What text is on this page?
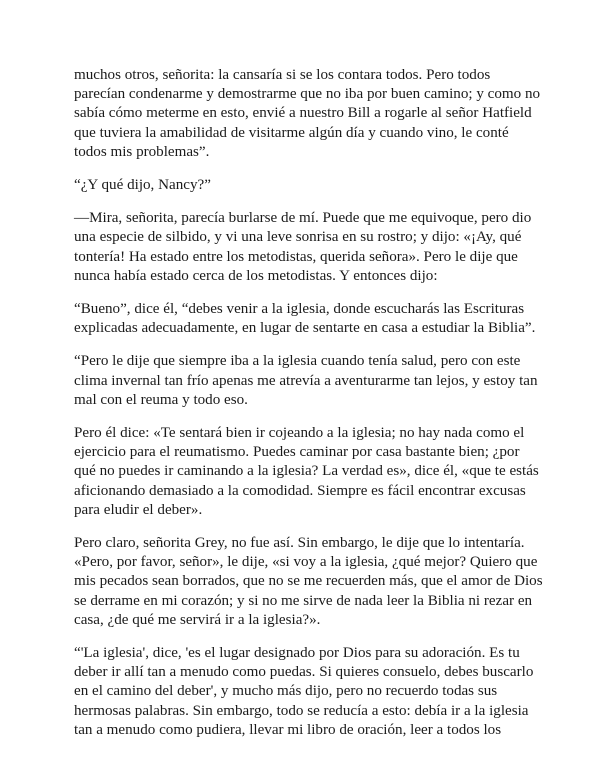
muchos otros, señorita: la cansaría si se los contara todos. Pero todos parecían condenarme y demostrarme que no iba por buen camino; y como no sabía cómo meterme en esto, envié a nuestro Bill a rogarle al señor Hatfield que tuviera la amabilidad de visitarme algún día y cuando vino, le conté todos mis problemas”.

“¿Y qué dijo, Nancy?”

—Mira, señorita, parecía burlarse de mí. Puede que me equivoque, pero dio una especie de silbido, y vi una leve sonrisa en su rostro; y dijo: «¡Ay, qué tontería! Ha estado entre los metodistas, querida señora». Pero le dije que nunca había estado cerca de los metodistas. Y entonces dijo:

“Bueno”, dice él, “debes venir a la iglesia, donde escucharás las Escrituras explicadas adecuadamente, en lugar de sentarte en casa a estudiar la Biblia”.

“Pero le dije que siempre iba a la iglesia cuando tenía salud, pero con este clima invernal tan frío apenas me atrevía a aventurarme tan lejos, y estoy tan mal con el reuma y todo eso.

Pero él dice: «Te sentará bien ir cojeando a la iglesia; no hay nada como el ejercicio para el reumatismo. Puedes caminar por casa bastante bien; ¿por qué no puedes ir caminando a la iglesia? La verdad es», dice él, «que te estás aficionando demasiado a la comodidad. Siempre es fácil encontrar excusas para eludir el deber».

Pero claro, señorita Grey, no fue así. Sin embargo, le dije que lo intentaría. «Pero, por favor, señor», le dije, «si voy a la iglesia, ¿qué mejor? Quiero que mis pecados sean borrados, que no se me recuerden más, que el amor de Dios se derrame en mi corazón; y si no me sirve de nada leer la Biblia ni rezar en casa, ¿de qué me servirá ir a la iglesia?».

“'La iglesia', dice, 'es el lugar designado por Dios para su adoración. Es tu deber ir allí tan a menudo como puedas. Si quieres consuelo, debes buscarlo en el camino del deber', y mucho más dijo, pero no recuerdo todas sus hermosas palabras. Sin embargo, todo se reducía a esto: debía ir a la iglesia tan a menudo como pudiera, llevar mi libro de oración, leer a todos los
